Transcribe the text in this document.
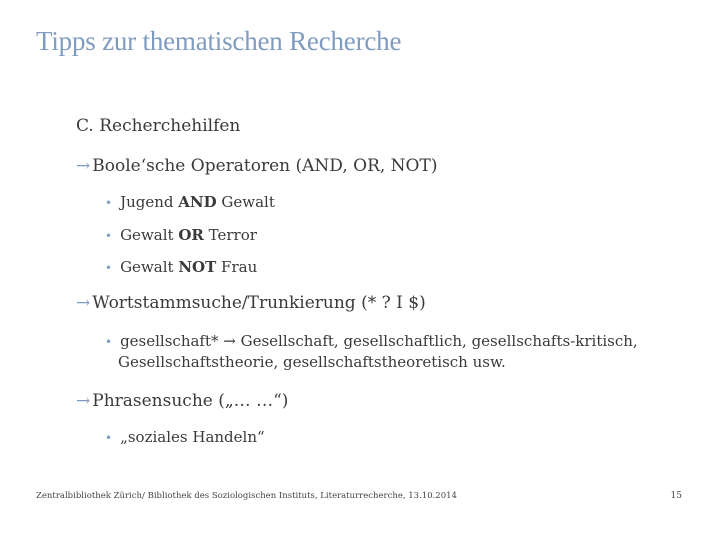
Tipps zur thematischen Recherche
C. Recherchehilfen
→ Boole‘sche Operatoren (AND, OR, NOT)
• Jugend AND Gewalt
• Gewalt OR Terror
• Gewalt NOT Frau
→ Wortstammsuche/Trunkierung (* ? I $)
• gesellschaft* → Gesellschaft, gesellschaftlich, gesellschafts-kritisch, Gesellschaftstheorie, gesellschaftstheoretisch usw.
→ Phrasensuche („… …“)
• „soziales Handeln“
Zentralbibliothek Zürich/ Bibliothek des Soziologischen Instituts, Literaturrecherche, 13.10.2014	15
